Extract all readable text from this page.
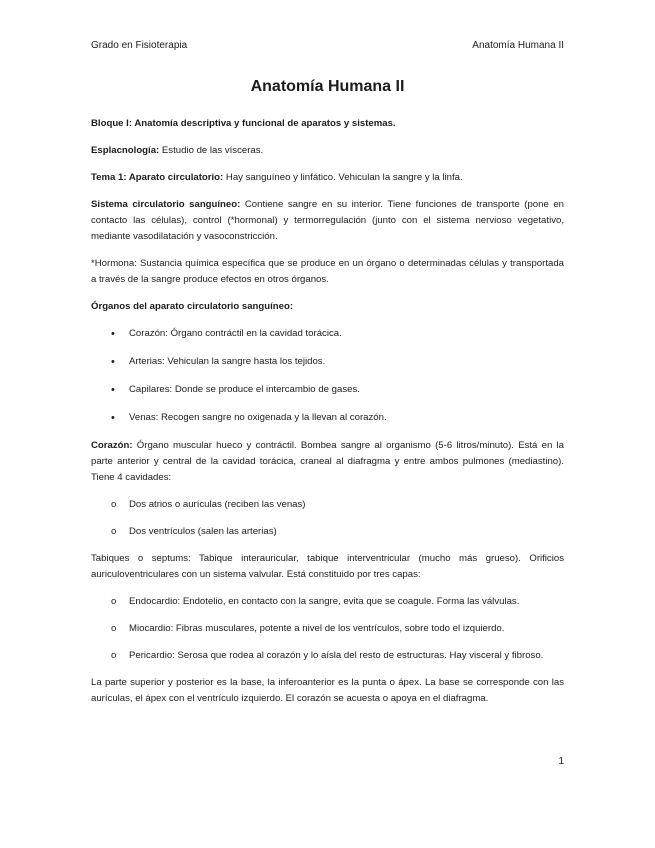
Grado en Fisioterapia	Anatomía Humana II
Anatomía Humana II

Bloque I: Anatomía descriptiva y funcional de aparatos y sistemas.

Esplacnología: Estudio de las vísceras.

Tema 1: Aparato circulatorio: Hay sanguíneo y linfático. Vehiculan la sangre y la linfa.

Sistema circulatorio sanguíneo: Contiene sangre en su interior. Tiene funciones de transporte (pone en contacto las células), control (*hormonal) y termorregulación (junto con el sistema nervioso vegetativo, mediante vasodilatación y vasoconstricción.

*Hormona: Sustancia química específica que se produce en un órgano o determinadas células y transportada a través de la sangre produce efectos en otros órganos.

Órganos del aparato circulatorio sanguíneo:

• Corazón: Órgano contráctil en la cavidad torácica.
• Arterias: Vehiculan la sangre hasta los tejidos.
• Capilares: Donde se produce el intercambio de gases.
• Venas: Recogen sangre no oxigenada y la llevan al corazón.

Corazón: Órgano muscular hueco y contráctil. Bombea sangre al organismo (5-6 litros/minuto). Está en la parte anterior y central de la cavidad torácica, craneal al diafragma y entre ambos pulmones (mediastino). Tiene 4 cavidades:

o Dos atrios o aurículas (reciben las venas)
o Dos ventrículos (salen las arterias)

Tabiques o septums: Tabique interauricular, tabique interventricular (mucho más grueso). Orificios auriculoventriculares con un sistema valvular. Está constituido por tres capas:

o Endocardio: Endotelio, en contacto con la sangre, evita que se coagule. Forma las válvulas.
o Miocardio: Fibras musculares, potente a nivel de los ventrículos, sobre todo el izquierdo.
o Pericardio: Serosa que rodea al corazón y lo aísla del resto de estructuras. Hay visceral y fibroso.

La parte superior y posterior es la base, la inferoanterior es la punta o ápex. La base se corresponde con las aurículas, el ápex con el ventrículo izquierdo. El corazón se acuesta o apoya en el diafragma.

1
